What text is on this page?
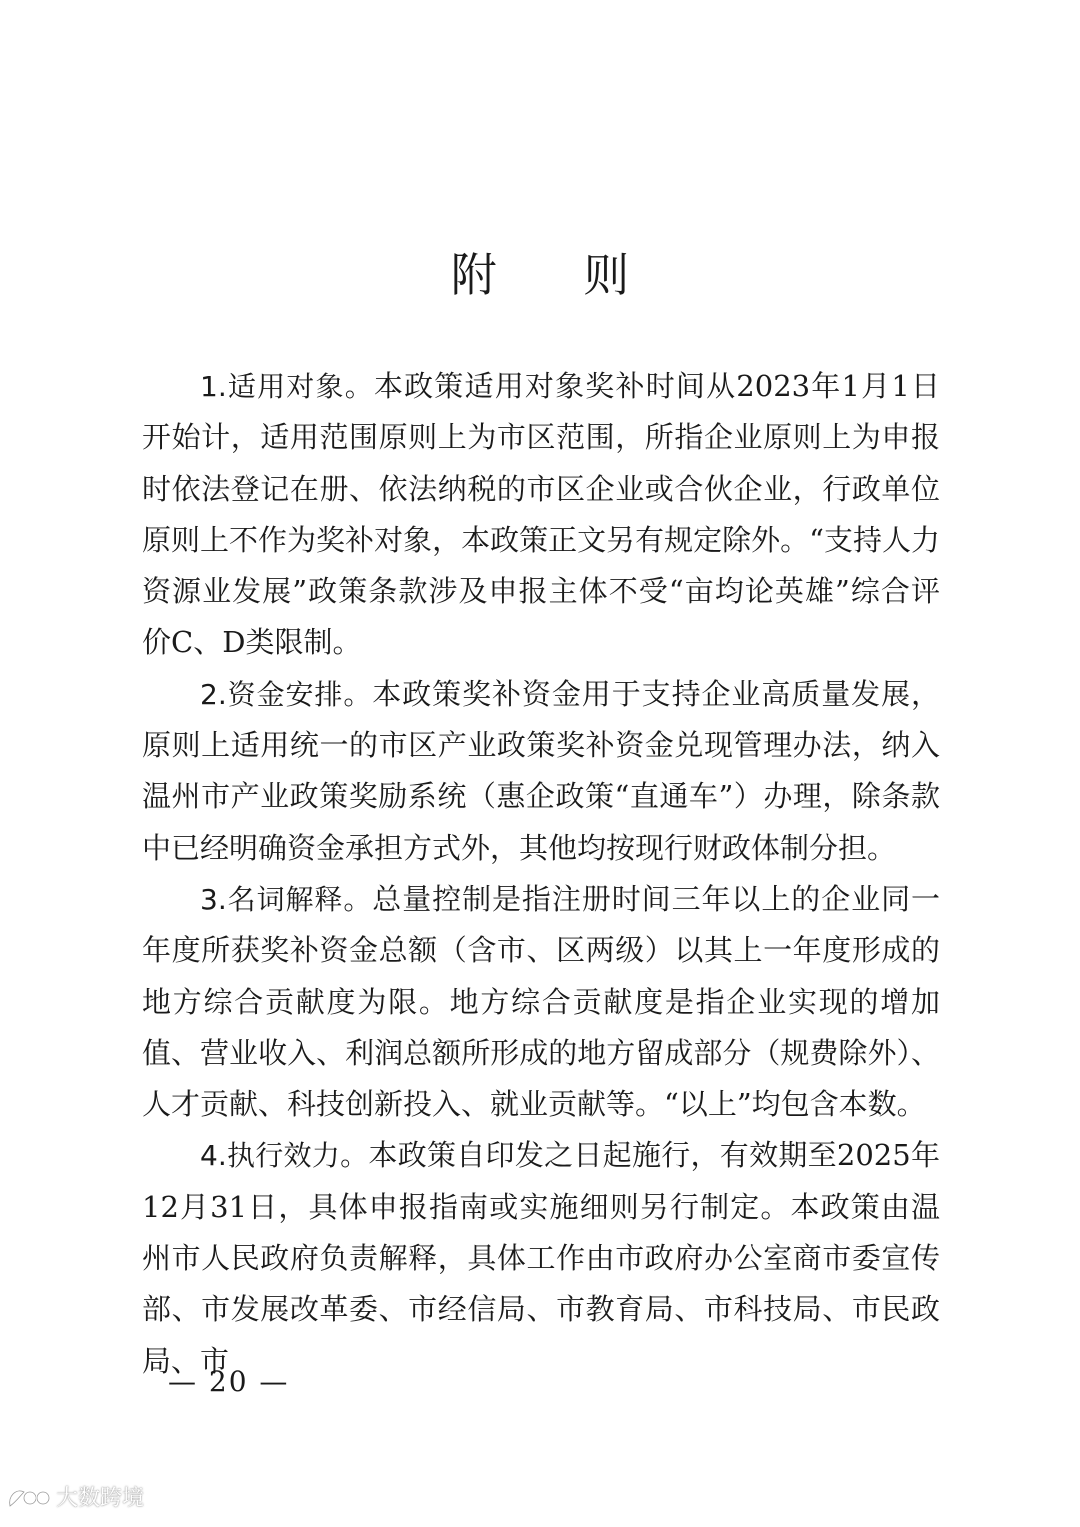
附 则

1.适用对象。本政策适用对象奖补时间从2023年1月1日开始计，适用范围原则上为市区范围，所指企业原则上为申报时依法登记在册、依法纳税的市区企业或合伙企业，行政单位原则上不作为奖补对象，本政策正文另有规定除外。“支持人力资源业发展”政策条款涉及申报主体不受“亩均论英雄”综合评价C、D类限制。

2.资金安排。本政策奖补资金用于支持企业高质量发展，原则上适用统一的市区产业政策奖补资金兑现管理办法，纳入温州市产业政策奖励系统（惠企政策“直通车”）办理，除条款中已经明确资金承担方式外，其他均按现行财政体制分担。

3.名词解释。总量控制是指注册时间三年以上的企业同一年度所获奖补资金总额（含市、区两级）以其上一年度形成的地方综合贡献度为限。地方综合贡献度是指企业实现的增加值、营业收入、利润总额所形成的地方留成部分（规费除外）、人才贡献、科技创新投入、就业贡献等。“以上”均包含本数。

4.执行效力。本政策自印发之日起施行，有效期至2025年12月31日，具体申报指南或实施细则另行制定。本政策由温州市人民政府负责解释，具体工作由市政府办公室商市委宣传部、市发展改革委、市经信局、市教育局、市科技局、市民政局、市

— 20 —
大数跨境
